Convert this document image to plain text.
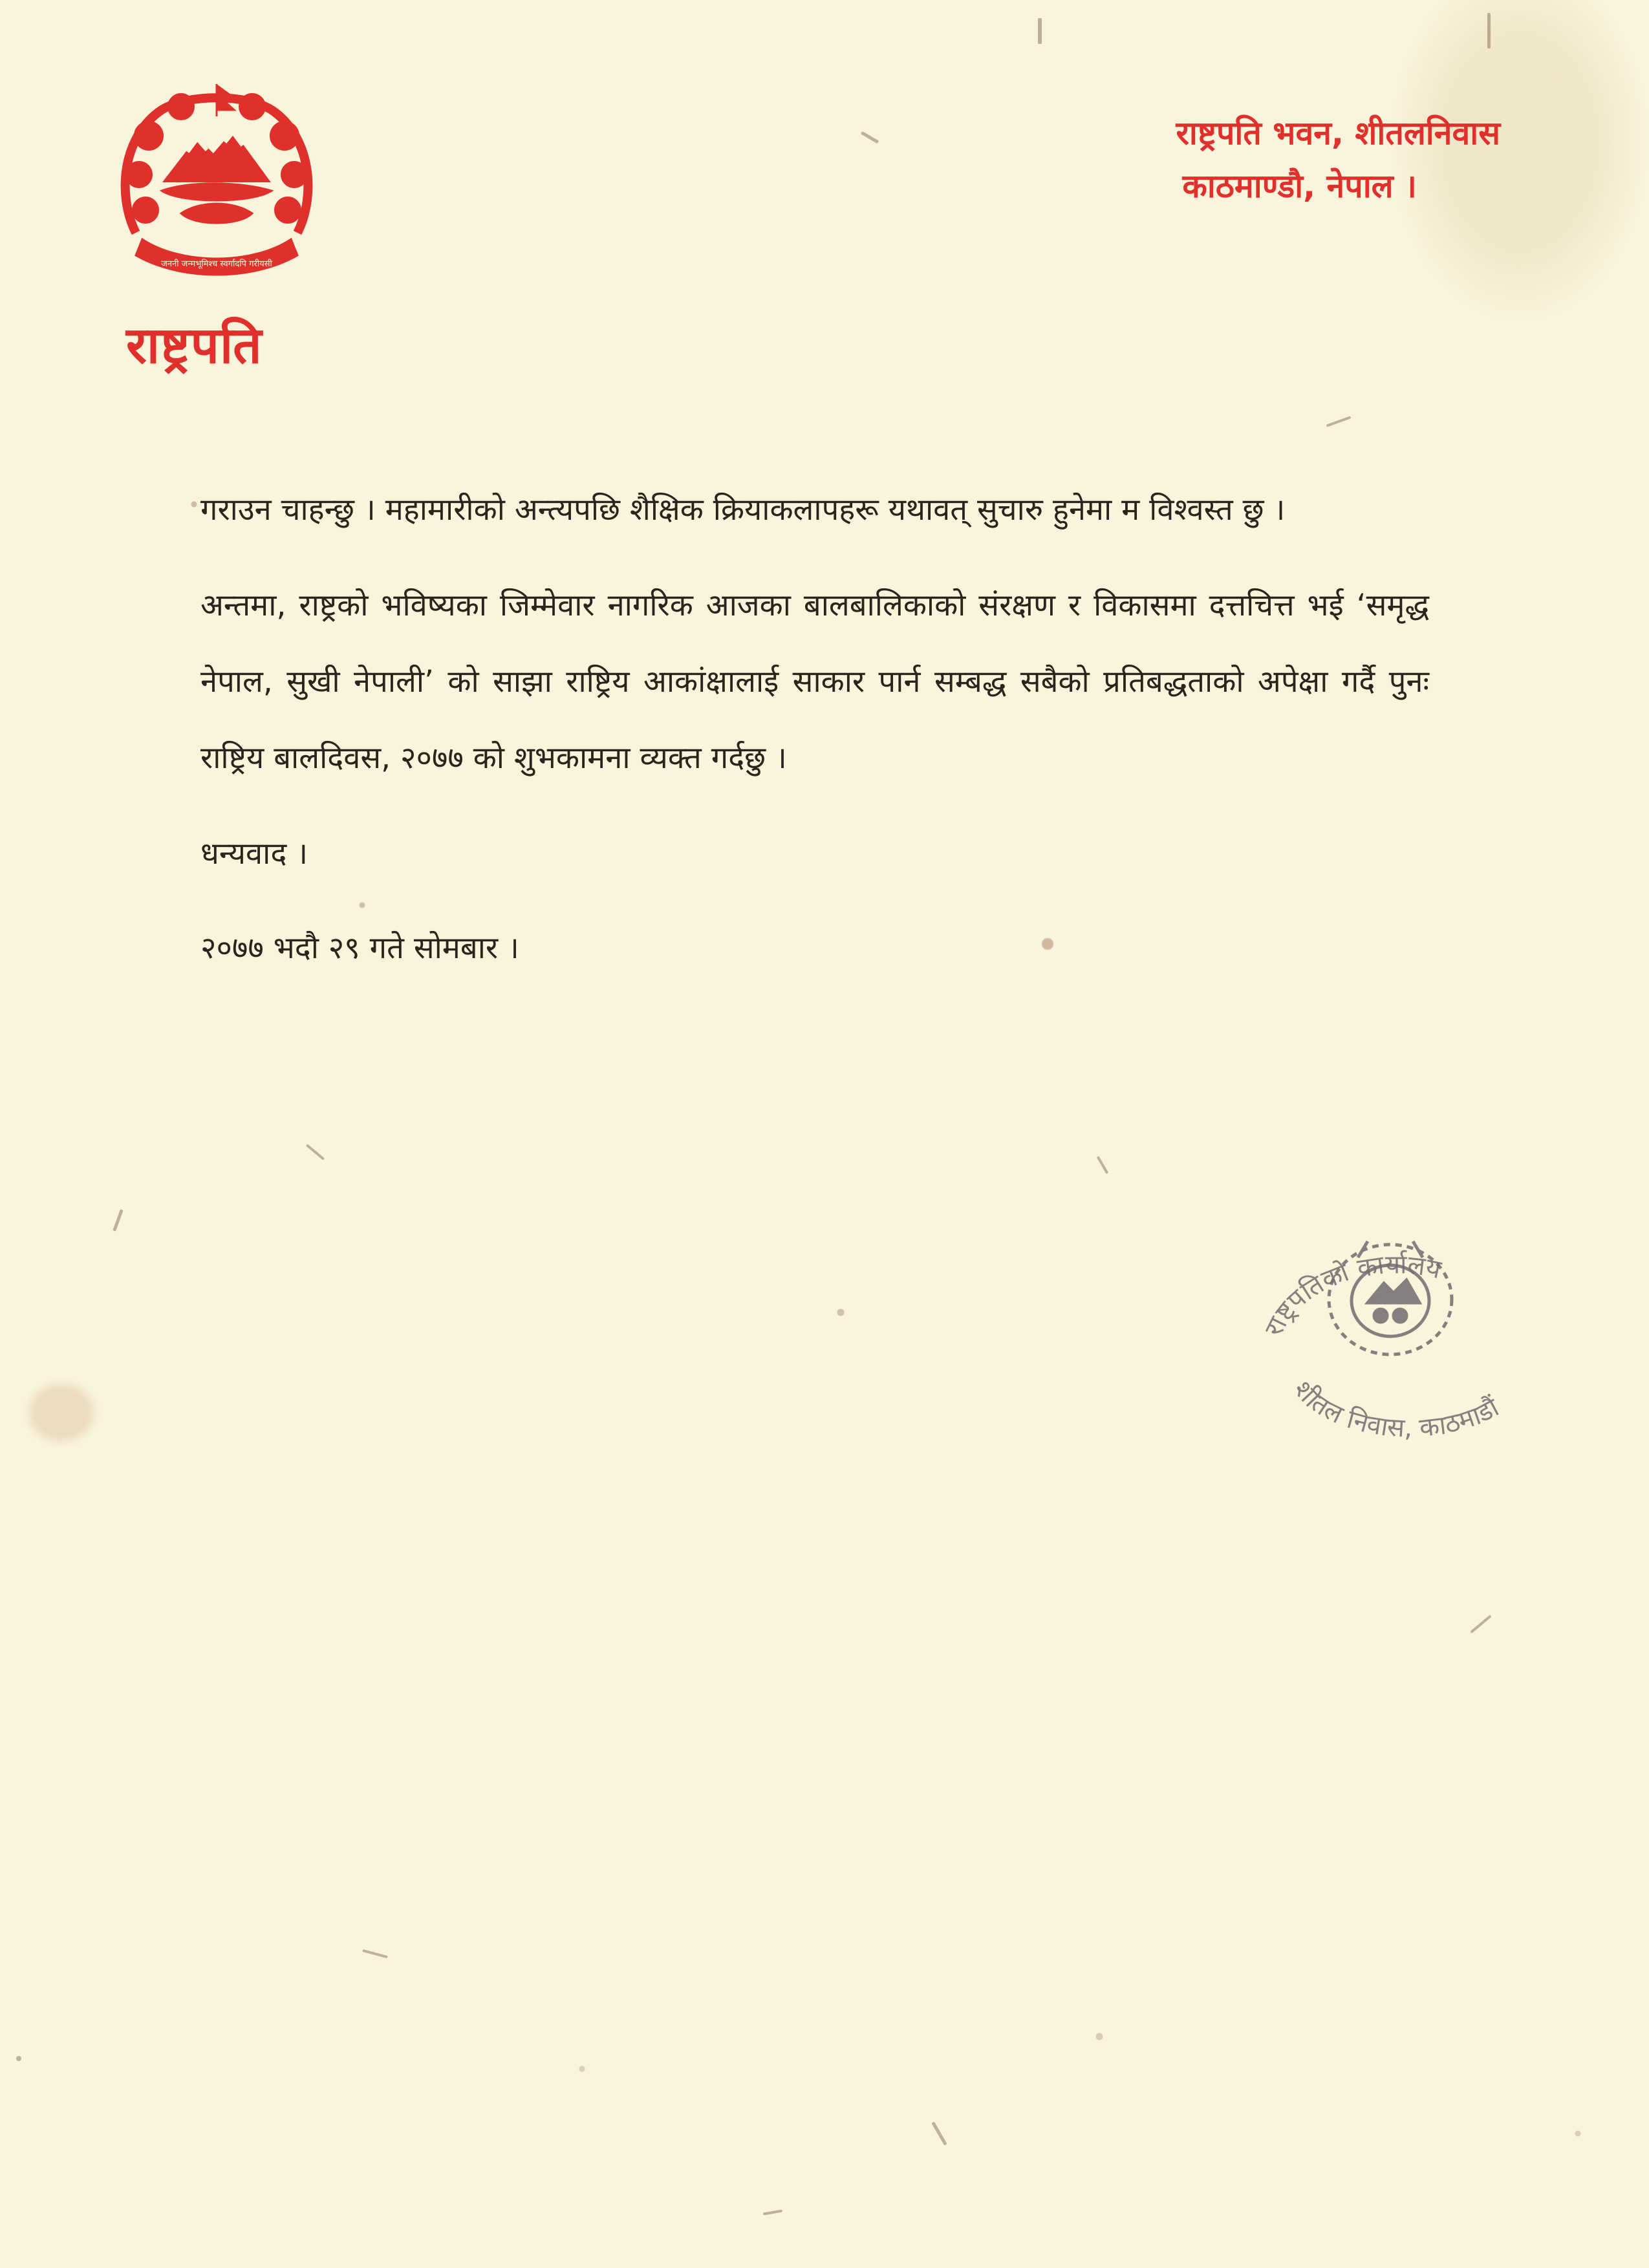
जननी जन्मभूमिश्च स्वर्गादपि गरीयसी
राष्ट्रपति
राष्ट्रपति भवन, शीतलनिवास
काठमाण्डौ, नेपाल ।

गराउन चाहन्छु । महामारीको अन्त्यपछि शैक्षिक क्रियाकलापहरू यथावत् सुचारु हुनेमा म विश्वस्त छु ।

अन्तमा, राष्ट्रको भविष्यका जिम्मेवार नागरिक आजका बालबालिकाको संरक्षण र विकासमा दत्तचित्त भई ‘समृद्ध नेपाल, सुखी नेपाली’ को साझा राष्ट्रिय आकांक्षालाई साकार पार्न सम्बद्ध सबैको प्रतिबद्धताको अपेक्षा गर्दै पुनः राष्ट्रिय बालदिवस, २०७७ को शुभकामना व्यक्त गर्दछु ।

धन्यवाद ।

२०७७ भदौ २९ गते सोमबार ।

राष्ट्रपतिको कार्यालय
शीतल निवास, काठमाडौं
